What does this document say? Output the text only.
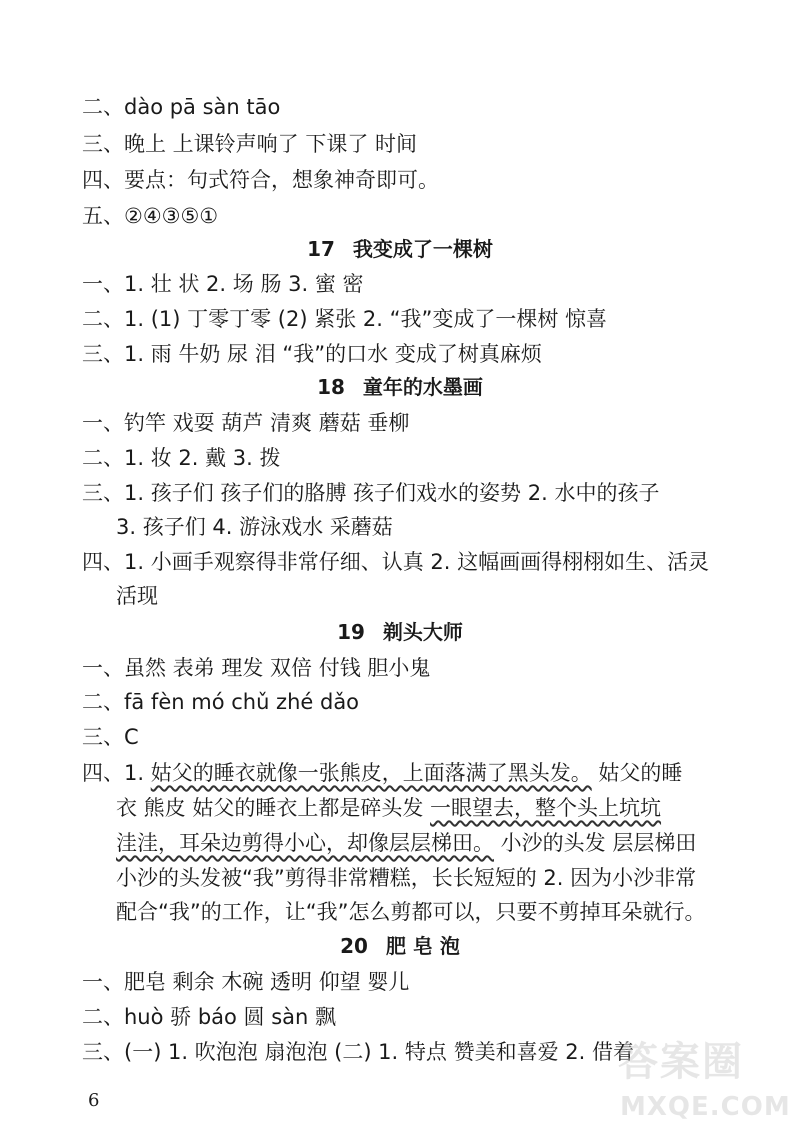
二、dào pā sàn tāo
三、晚上 上课铃声响了 下课了 时间
四、要点：句式符合，想象神奇即可。
五、②④③⑤①
17 我变成了一棵树
一、1. 壮 状 2. 场 肠 3. 蜜 密
二、1. (1) 丁零丁零 (2) 紧张 2. “我”变成了一棵树 惊喜
三、1. 雨 牛奶 尿 泪 “我”的口水 变成了树真麻烦
18 童年的水墨画
一、钓竿 戏耍 葫芦 清爽 蘑菇 垂柳
二、1. 妆 2. 戴 3. 拨
三、1. 孩子们 孩子们的胳膊 孩子们戏水的姿势 2. 水中的孩子
3. 孩子们 4. 游泳戏水 采蘑菇
四、1. 小画手观察得非常仔细、认真 2. 这幅画画得栩栩如生、活灵
活现
19 剃头大师
一、虽然 表弟 理发 双倍 付钱 胆小鬼
二、fā fèn mó chǔ zhé dǎo
三、C
四、1. 姑父的睡衣就像一张熊皮，上面落满了黑头发。 姑父的睡
衣 熊皮 姑父的睡衣上都是碎头发 一眼望去，整个头上坑坑
洼洼，耳朵边剪得小心，却像层层梯田。 小沙的头发 层层梯田
小沙的头发被“我”剪得非常糟糕，长长短短的 2. 因为小沙非常
配合“我”的工作，让“我”怎么剪都可以，只要不剪掉耳朵就行。
20 肥 皂 泡
一、肥皂 剩余 木碗 透明 仰望 婴儿
二、huò 骄 báo 圆 sàn 飘
三、(一) 1. 吹泡泡 扇泡泡 (二) 1. 特点 赞美和喜爱 2. 借着
6
答案圈
MXQE.COM
